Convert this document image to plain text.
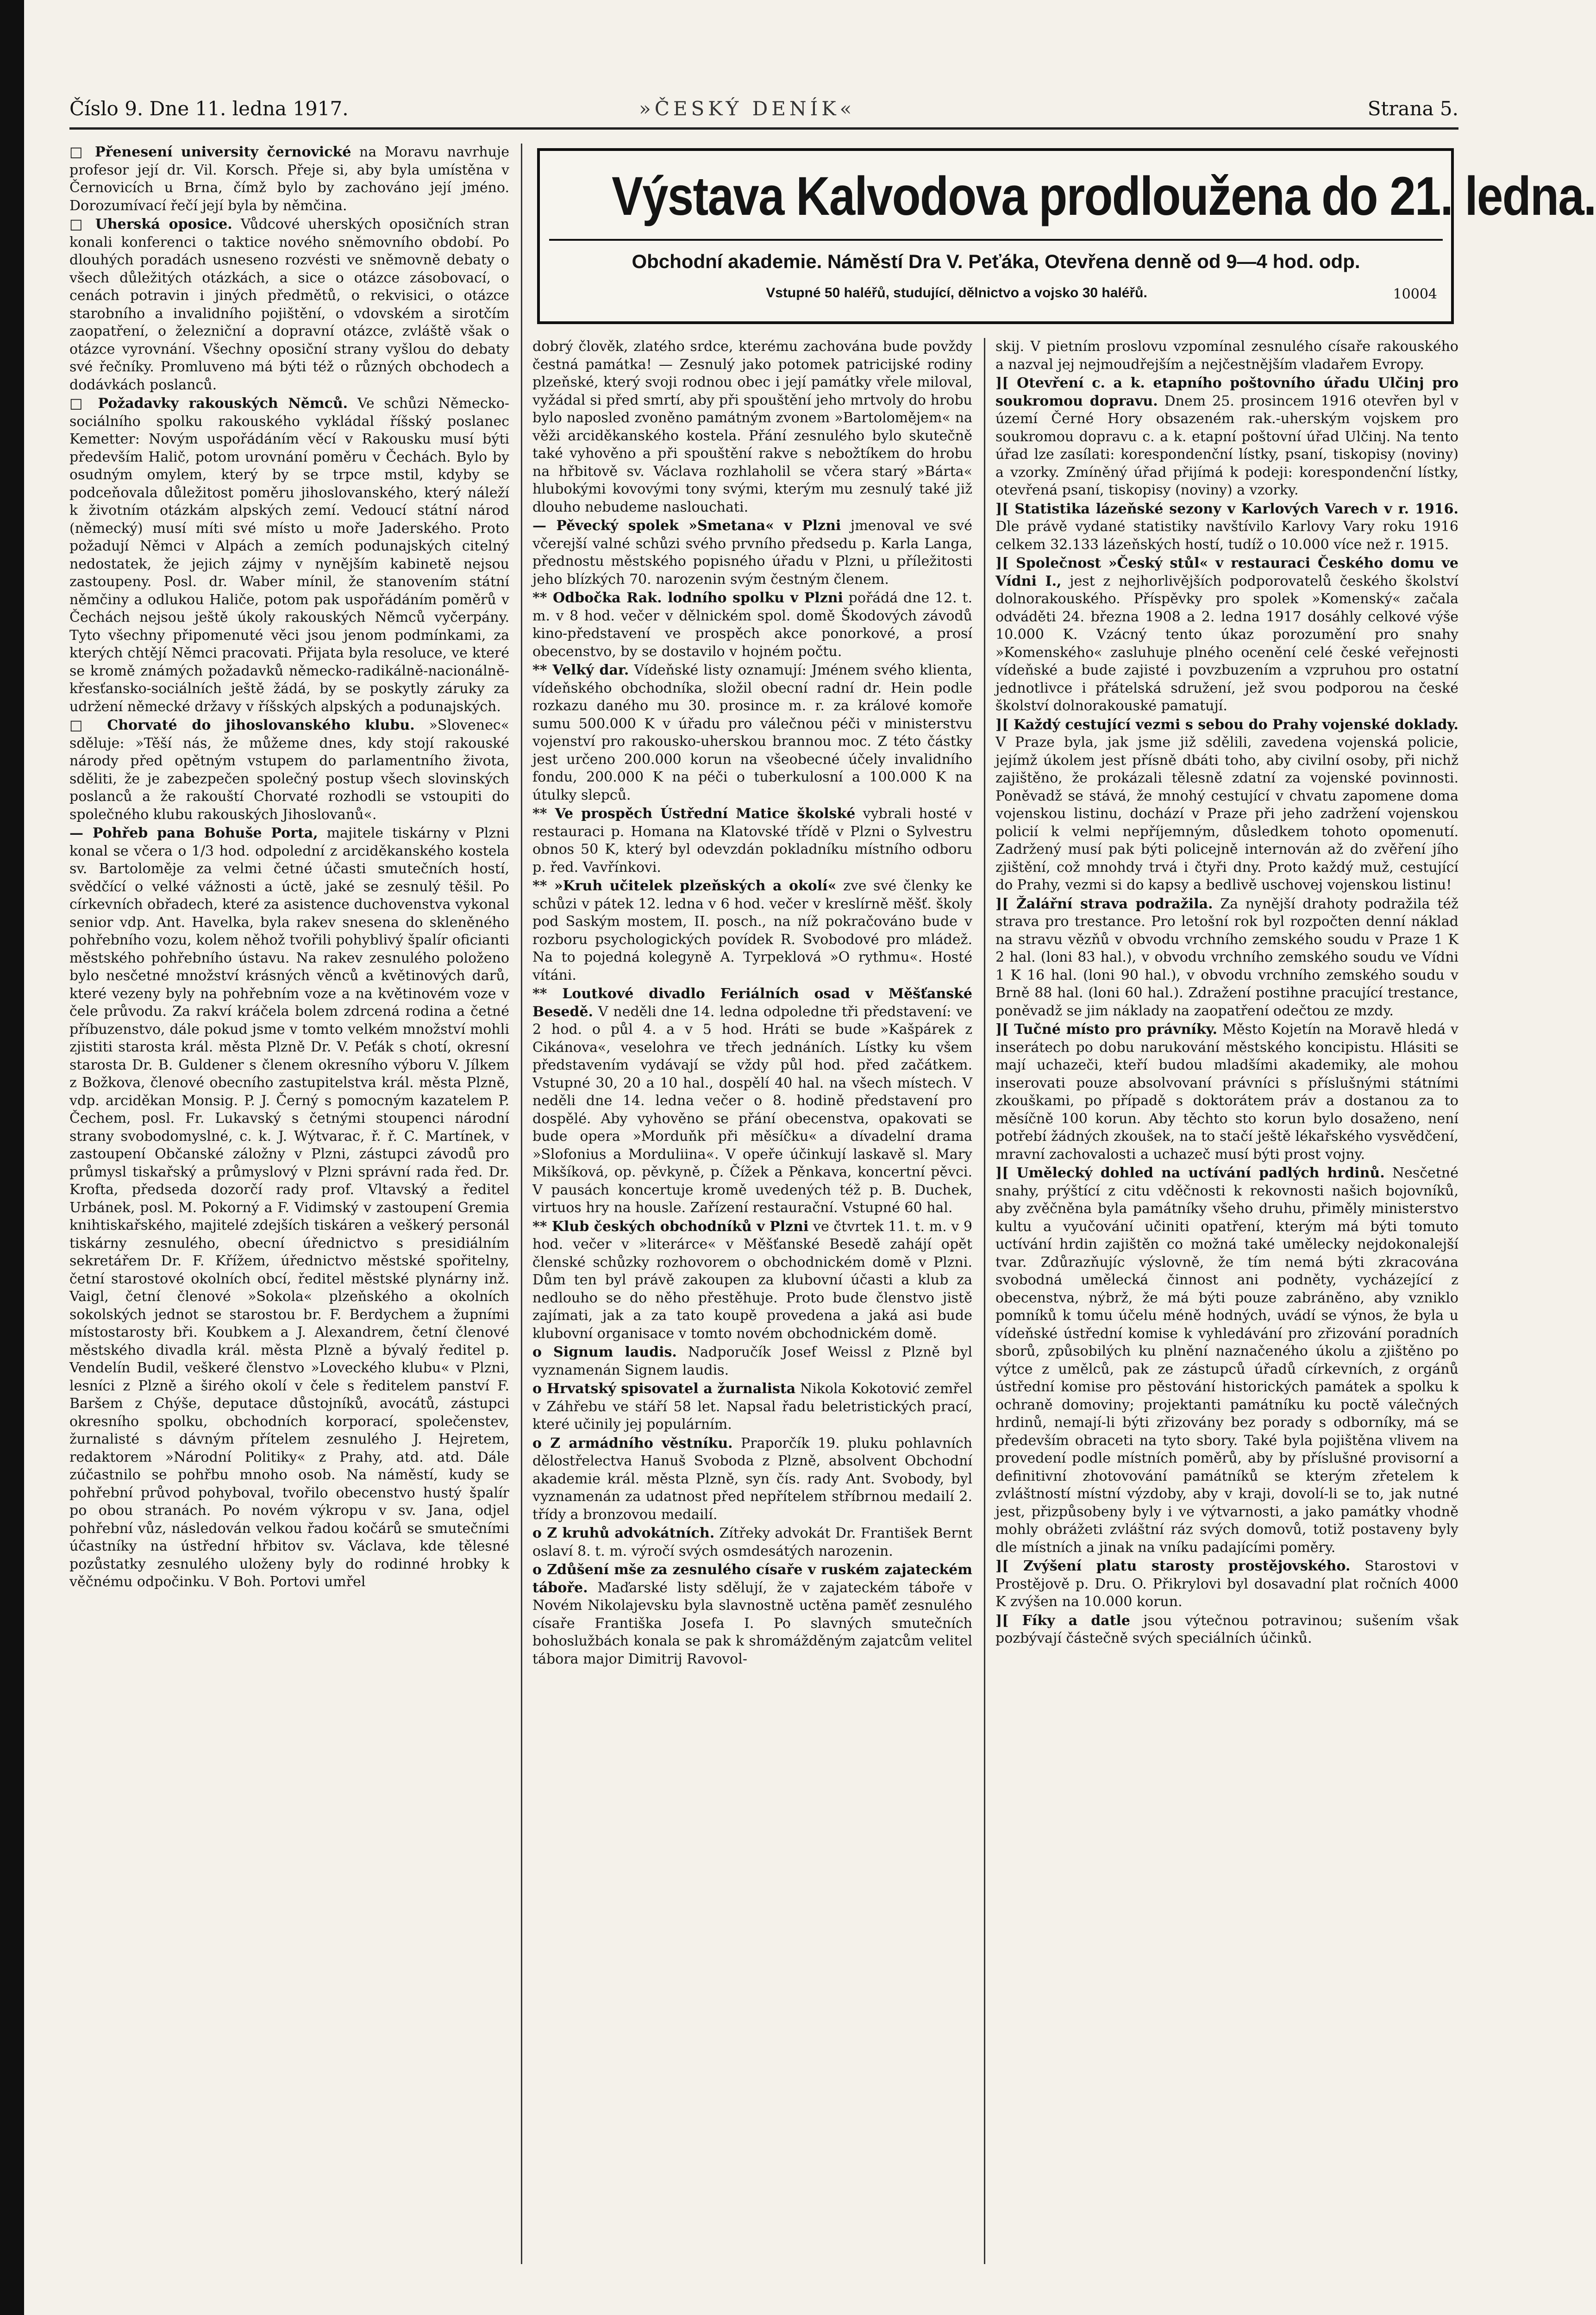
Číslo 9. Dne 11. ledna 1917.	»ČESKÝ DENÍK«	Strana 5.
Výstava Kalvodova prodloužena do 21. ledna.
Obchodní akademie. Náměstí Dra V. Peťáka, Otevřena denně od 9—4 hod. odp.
Vstupné 50 haléřů, studující, dělnictvo a vojsko 30 haléřů.	10004

□ Přenesení university černovické na Moravu navrhuje profesor její dr. Vil. Korsch. Přeje si, aby byla umístěna v Černovicích u Brna, čímž bylo by zachováno její jméno. Dorozumívací řečí její byla by němčina.

□ Uherská oposice. Vůdcové uherských oposičních stran konali konferenci o taktice nového sněmovního období. Po dlouhých poradách usneseno rozvésti ve sněmovně debaty o všech důležitých otázkách, a sice o otázce zásobovací, o cenách potravin i jiných předmětů, o rekvisici, o otázce starobního a invalidního pojištění, o vdovském a sirotčím zaopatření, o železniční a dopravní otázce, zvláště však o otázce vyrovnání. Všechny oposiční strany vyšlou do debaty své řečníky. Promluveno má býti též o různých obchodech a dodávkách poslanců.

□ Požadavky rakouských Němců. Ve schůzi Německo-sociálního spolku rakouského vykládal říšský poslanec Kemetter: Novým uspořádáním věcí v Rakousku musí býti především Halič, potom urovnání poměru v Čechách. Bylo by osudným omylem, který by se trpce mstil, kdyby se podceňovala důležitost poměru jihoslovanského, který náleží k životním otázkám alpských zemí. Vedoucí státní národ (německý) musí míti své místo u moře Jaderského. Proto požadují Němci v Alpách a zemích podunajských citelný nedostatek, že jejich zájmy v nynějším kabinetě nejsou zastoupeny. Posl. dr. Waber mínil, že stanovením státní němčiny a odlukou Haliče, potom pak uspořádáním poměrů v Čechách nejsou ještě úkoly rakouských Němců vyčerpány. Tyto všechny připomenuté věci jsou jenom podmínkami, za kterých chtějí Němci pracovati. Přijata byla resoluce, ve které se kromě známých požadavků německo-radikálně-nacionálně-křesťansko-sociálních ještě žádá, by se poskytly záruky za udržení německé državy v říšských alpských a podunajských.

□ Chorvaté do jihoslovanského klubu. »Slovenec« sděluje: »Těší nás, že můžeme dnes, kdy stojí rakouské národy před opětným vstupem do parlamentního života, sděliti, že je zabezpečen společný postup všech slovinských poslanců a že rakouští Chorvaté rozhodli se vstoupiti do společného klubu rakouských Jihoslovanů«.

— Pohřeb pana Bohuše Porta, majitele tiskárny v Plzni konal se včera o 1/3 hod. odpolední z arciděkanského kostela sv. Bartoloměje za velmi četné účasti smutečních hostí, svědčící o velké vážnosti a úctě, jaké se zesnulý těšil. Po církevních obřadech, které za asistence duchovenstva vykonal senior vdp. Ant. Havelka, byla rakev snesena do skleněného pohřebního vozu, kolem něhož tvořili pohyblivý špalír oficianti městského pohřebního ústavu. Na rakev zesnulého položeno bylo nesčetné množství krásných věnců a květinových darů, které vezeny byly na pohřebním voze a na květinovém voze v čele průvodu. Za rakví kráčela bolem zdrcená rodina a četné příbuzenstvo, dále pokud jsme v tomto velkém množství mohli zjistiti starosta král. města Plzně Dr. V. Peťák s chotí, okresní starosta Dr. B. Guldener s členem okresního výboru V. Jílkem z Božkova, členové obecního zastupitelstva král. města Plzně, vdp. arciděkan Monsig. P. J. Černý s pomocným kazatelem P. Čechem, posl. Fr. Lukavský s četnými stoupenci národní strany svobodomyslné, c. k. J. Wýtvarac, ř. ř. C. Martínek, v zastoupení Občanské záložny v Plzni, zástupci závodů pro průmysl tiskařský a průmyslový v Plzni správní rada řed. Dr. Krofta, předseda dozorčí rady prof. Vltavský a ředitel Urbánek, posl. M. Pokorný a F. Vidimský v zastoupení Gremia knihtiskařského, majitelé zdejších tiskáren a veškerý personál tiskárny zesnulého, obecní úřednictvo s presidiálním sekretářem Dr. F. Křížem, úřednictvo městské spořitelny, četní starostové okolních obcí, ředitel městské plynárny inž. Vaigl, četní členové »Sokola« plzeňského a okolních sokolských jednot se starostou br. F. Berdychem a župními místostarosty bři. Koubkem a J. Alexandrem, četní členové městského divadla král. města Plzně a bývalý ředitel p. Vendelín Budil, veškeré členstvo »Loveckého klubu« v Plzni, lesníci z Plzně a širého okolí v čele s ředitelem panství F. Baršem z Chýše, deputace důstojníků, avocátů, zástupci okresního spolku, obchodních korporací, společenstev, žurnalisté s dávným přítelem zesnulého J. Hejretem, redaktorem »Národní Politiky« z Prahy, atd. atd. Dále zúčastnilo se pohřbu mnoho osob. Na náměstí, kudy se pohřební průvod pohyboval, tvořilo obecenstvo hustý špalír po obou stranách. Po novém výkropu v sv. Jana, odjel pohřební vůz, následován velkou řadou kočárů se smutečními účastníky na ústřední hřbitov sv. Václava, kde tělesné pozůstatky zesnulého uloženy byly do rodinné hrobky k věčnému odpočinku. V Boh. Portovi umřel

dobrý člověk, zlatého srdce, kterému zachována bude povždy čestná památka! — Zesnulý jako potomek patricijské rodiny plzeňské, který svoji rodnou obec i její památky vřele miloval, vyžádal si před smrtí, aby při spouštění jeho mrtvoly do hrobu bylo naposled zvoněno památným zvonem »Bartolomějem« na věži arciděkanského kostela. Přání zesnulého bylo skutečně také vyhověno a při spouštění rakve s nebožtíkem do hrobu na hřbitově sv. Václava rozhlaholil se včera starý »Bárta« hlubokými kovovými tony svými, kterým mu zesnulý také již dlouho nebudeme naslouchati.

— Pěvecký spolek »Smetana« v Plzni jmenoval ve své včerejší valné schůzi svého prvního předsedu p. Karla Langa, přednostu městského popisného úřadu v Plzni, u příležitosti jeho blízkých 70. narozenin svým čestným členem.

** Odbočka Rak. lodního spolku v Plzni pořádá dne 12. t. m. v 8 hod. večer v dělnickém spol. domě Škodových závodů kino-představení ve prospěch akce ponorkové, a prosí obecenstvo, by se dostavilo v hojném počtu.

** Velký dar. Vídeňské listy oznamují: Jménem svého klienta, vídeňského obchodníka, složil obecní radní dr. Hein podle rozkazu daného mu 30. prosince m. r. za králové komoře sumu 500.000 K v úřadu pro válečnou péči v ministerstvu vojenství pro rakousko-uherskou brannou moc. Z této částky jest určeno 200.000 korun na všeobecné účely invalidního fondu, 200.000 K na péči o tuberkulosní a 100.000 K na útulky slepců.

** Ve prospěch Ústřední Matice školské vybrali hosté v restauraci p. Homana na Klatovské třídě v Plzni o Sylvestru obnos 50 K, který byl odevzdán pokladníku místního odboru p. řed. Vavřínkovi.

** »Kruh učitelek plzeňských a okolí« zve své členky ke schůzi v pátek 12. ledna v 6 hod. večer v kreslírně měšť. školy pod Saským mostem, II. posch., na níž pokračováno bude v rozboru psychologických povídek R. Svobodové pro mládež. Na to pojedná kolegyně A. Tyrpeklová »O rythmu«. Hosté vítáni.

** Loutkové divadlo Feriálních osad v Měšťanské Besedě. V neděli dne 14. ledna odpoledne tři představení: ve 2 hod. o půl 4. a v 5 hod. Hráti se bude »Kašpárek z Cikánova«, veselohra ve třech jednáních. Lístky ku všem představením vydávají se vždy půl hod. před začátkem. Vstupné 30, 20 a 10 hal., dospělí 40 hal. na všech místech. V neděli dne 14. ledna večer o 8. hodině představení pro dospělé. Aby vyhověno se přání obecenstva, opakovati se bude opera »Morduňk při měsíčku« a dívadelní drama »Slofonius a Morduliina«. V opeře účinkují laskavě sl. Mary Mikšíková, op. pěvkyně, p. Čížek a Pěnkava, koncertní pěvci. V pausách koncertuje kromě uvedených též p. B. Duchek, virtuos hry na housle. Zařízení restaurační. Vstupné 60 hal.

** Klub českých obchodníků v Plzni ve čtvrtek 11. t. m. v 9 hod. večer v »literárce« v Měšťanské Besedě zahájí opět členské schůzky rozhovorem o obchodnickém domě v Plzni. Dům ten byl právě zakoupen za klubovní účasti a klub za nedlouho se do něho přestěhuje. Proto bude členstvo jistě zajímati, jak a za tato koupě provedena a jaká asi bude klubovní organisace v tomto novém obchodnickém domě.

o Signum laudis. Nadporučík Josef Weissl z Plzně byl vyznamenán Signem laudis.

o Hrvatský spisovatel a žurnalista Nikola Kokotović zemřel v Záhřebu ve stáří 58 let. Napsal řadu beletristických prací, které učinily jej populárním.

o Z armádního věstníku. Praporčík 19. pluku pohlavních dělostřelectva Hanuš Svoboda z Plzně, absolvent Obchodní akademie král. města Plzně, syn čís. rady Ant. Svobody, byl vyznamenán za udatnost před nepřítelem stříbrnou medailí 2. třídy a bronzovou medailí.

o Z kruhů advokátních. Zítřeky advokát Dr. František Bernt oslaví 8. t. m. výročí svých osmdesátých narozenin.

o Zdůšení mše za zesnulého císaře v ruském zajateckém táboře. Maďarské listy sdělují, že v zajateckém táboře v Novém Nikolajevsku byla slavnostně uctěna paměť zesnulého císaře Františka Josefa I. Po slavných smutečních bohoslužbách konala se pak k shromážděným zajatcům velitel tábora major Dimitrij Ravovol-

skij. V pietním proslovu vzpomínal zesnulého císaře rakouského a nazval jej nejmoudřejším a nejčestnějším vladařem Evropy.

][ Otevření c. a k. etapního poštovního úřadu Ulčinj pro soukromou dopravu. Dnem 25. prosincem 1916 otevřen byl v území Černé Hory obsazeném rak.-uherským vojskem pro soukromou dopravu c. a k. etapní poštovní úřad Ulčinj. Na tento úřad lze zasílati: korespondenční lístky, psaní, tiskopisy (noviny) a vzorky. Zmíněný úřad přijímá k podeji: korespondenční lístky, otevřená psaní, tiskopisy (noviny) a vzorky.

][ Statistika lázeňské sezony v Karlových Varech v r. 1916. Dle právě vydané statistiky navštívilo Karlovy Vary roku 1916 celkem 32.133 lázeňských hostí, tudíž o 10.000 více než r. 1915.

][ Společnost »Český stůl« v restauraci Českého domu ve Vídni I., jest z nejhorlivějších podporovatelů českého školství dolnorakouského. Příspěvky pro spolek »Komenský« začala odváděti 24. března 1908 a 2. ledna 1917 dosáhly celkové výše 10.000 K. Vzácný tento úkaz porozumění pro snahy »Komenského« zasluhuje plného ocenění celé české veřejnosti vídeňské a bude zajisté i povzbuzením a vzpruhou pro ostatní jednotlivce i přátelská sdružení, jež svou podporou na české školství dolnorakouské pamatují.

][ Každý cestující vezmi s sebou do Prahy vojenské doklady. V Praze byla, jak jsme již sdělili, zavedena vojenská policie, jejímž úkolem jest přísně dbáti toho, aby civilní osoby, při nichž zajištěno, že prokázali tělesně zdatní za vojenské povinnosti. Poněvadž se stává, že mnohý cestující v chvatu zapomene doma vojenskou listinu, dochází v Praze při jeho zadržení vojenskou policií k velmi nepříjemným, důsledkem tohoto opomenutí. Zadržený musí pak býti policejně internován až do zvěření jího zjištění, což mnohdy trvá i čtyři dny. Proto každý muž, cestující do Prahy, vezmi si do kapsy a bedlivě uschovej vojenskou listinu!

][ Žalářní strava podražila. Za nynější dra​hoty podražila též strava pro trestance. Pro letošní rok byl rozpočten denní náklad na stravu vězňů v obvodu vrchního zemského soudu v Praze 1 K 2 hal. (loni 83 hal.), v obvodu vrchního zemského soudu ve Vídni 1 K 16 hal. (loni 90 hal.), v obvodu vrchního zemského soudu v Brně 88 hal. (loni 60 hal.). Zdražení postihne pracující trestance, poněvadž se jim náklady na zaopatření odečtou ze mzdy.

][ Tučné místo pro právníky. Město Kojetín na Moravě hledá v inserátech po dobu narukování městského koncipistu. Hlásiti se mají uchazeči, kteří budou mladšími akademiky, ale mohou inserovati pouze absolvovaní právníci s příslušnými státními zkouškami, po případě s doktorátem práv a dostanou za to měsíčně 100 korun. Aby těchto sto korun bylo dosaženo, není potřebí žádných zkoušek, na to stačí ještě lékařského vysvědčení, mravní zachovalosti a uchazeč musí býti prost vojny.

][ Umělecký dohled na uctívání padlých hrdinů. Nesčetné snahy, prýštící z citu vděčnosti k rekovnosti našich bojovníků, aby zvěčněna byla památníky všeho druhu, přiměly ministerstvo kultu a vyučování učiniti opatření, kterým má býti tomuto uctívání hrdin zajištěn co možná také umělecky nejdokonalejší tvar. Zdůrazňujíc výslovně, že tím nemá býti zkracována svobodná umělecká činnost ani podněty, vycházející z obecenstva, nýbrž, že má býti pouze zabráněno, aby vzniklo pomníků k tomu účelu méně hodných, uvádí se výnos, že byla u vídeňské ústřední komise k vyhledávání pro zřizování poradních sborů, způsobilých ku plnění naznačeného úkolu a zjištěno po výtce z umělců, pak ze zástupců úřadů církevních, z orgánů ústřední komise pro pěstování historických památek a spolku k ochraně domoviny; projektanti památníku ku poctě válečných hrdinů, nemají-li býti zřizovány bez porady s odborníky, má se především obraceti na tyto sbory. Také byla pojištěna vlivem na provedení podle místních poměrů, aby by příslušné provisorní a definitivní zhotovování památníků se kterým zřetelem k zvláštností místní výzdoby, aby v kraji, dovolí-li se to, jak nutné jest, přizpůsobeny byly i ve výtvarnosti, a jako památky vhodně mohly obrážeti zvláštní ráz svých domovů, totiž postaveny byly dle místních a jinak na vníku padajícími poměry.

][ Zvýšení platu starosty prostějovského. Starostovi v Prostějově p. Dru. O. Přikrylovi byl dosavadní plat ročních 4000 K zvýšen na 10.000 korun.

][ Fíky a datle jsou výtečnou potravinou; sušením však pozbývají částečně svých speciálních účinků.
